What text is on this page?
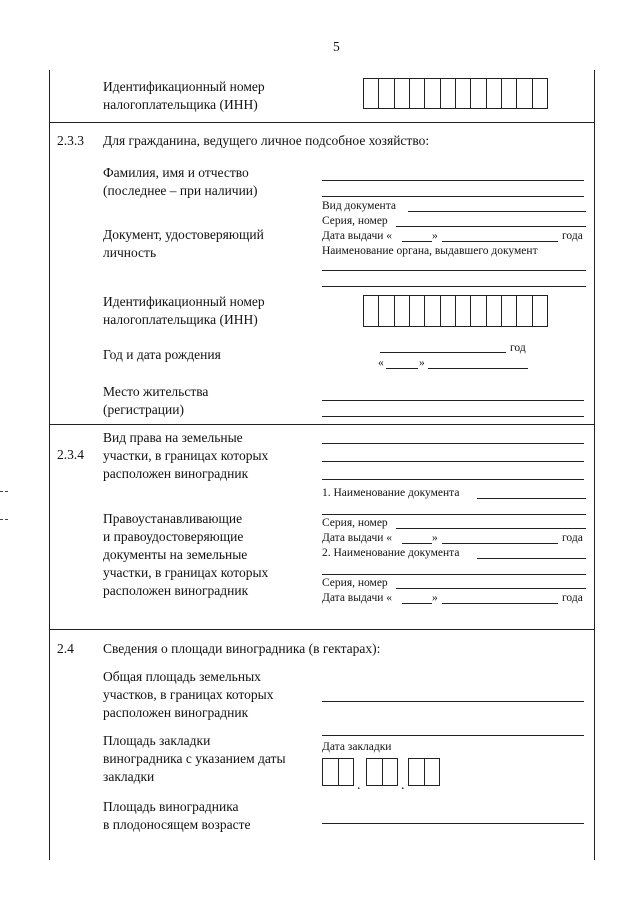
5
Идентификационный номер
налогоплательщика (ИНН)
2.3.3 Для гражданина, ведущего личное подсобное хозяйство:
Фамилия, имя и отчество
(последнее – при наличии)
Документ, удостоверяющий
личность
Вид документа
Серия, номер
Дата выдачи «	»	года
Наименование органа, выдавшего документ
Идентификационный номер
налогоплательщика (ИНН)
Год и дата рождения	год
«	»
Место жительства
(регистрации)
2.3.4
Вид права на земельные
участки, в границах которых
расположен виноградник
Правоустанавливающие
и правоудостоверяющие
документы на земельные
участки, в границах которых
расположен виноградник
1. Наименование документа
Серия, номер
Дата выдачи «	»	года
2. Наименование документа
Серия, номер
Дата выдачи «	»	года
2.4 Сведения о площади виноградника (в гектарах):
Общая площадь земельных
участков, в границах которых
расположен виноградник
Площадь закладки
виноградника с указанием даты
закладки
Дата закладки
.	.
Площадь виноградника
в плодоносящем возрасте
